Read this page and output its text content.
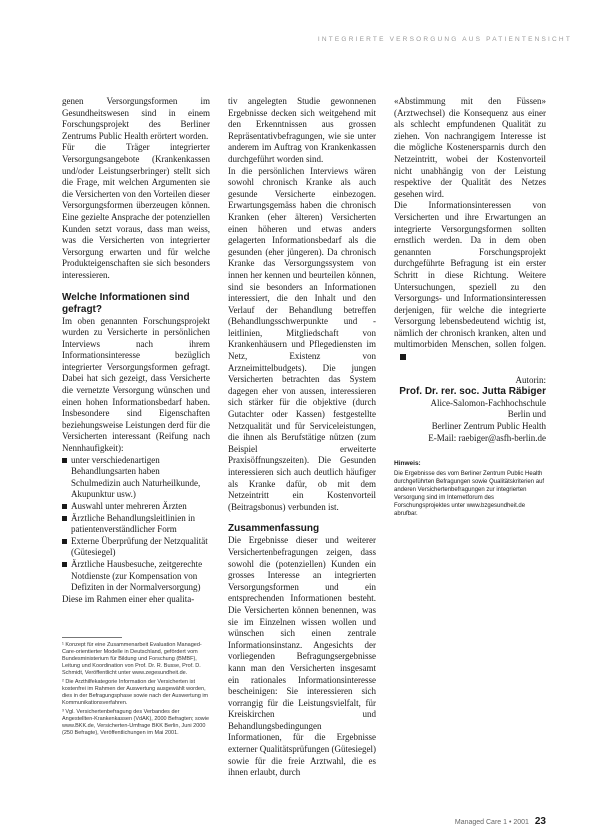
INTEGRIERTE VERSORGUNG AUS PATIENTENSICHT

genen Versorgungsformen im Gesundheitswesen sind in einem Forschungsprojekt des Berliner Zentrums Public Health erörtert worden.

Für die Träger integrierter Versorgungsangebote (Krankenkassen und/oder Leistungserbringer) stellt sich die Frage, mit welchen Argumenten sie die Versicherten von den Vorteilen dieser Versorgungsformen überzeugen können. Eine gezielte Ansprache der potenziellen Kunden setzt voraus, dass man weiss, was die Versicherten von integrierter Versorgung erwarten und für welche Produkteigenschaften sie sich besonders interessieren.

Welche Informationen sind gefragt?

Im oben genannten Forschungsprojekt wurden zu Versicherte in persönlichen Interviews nach ihrem Informationsinteresse bezüglich integrierter Versorgungsformen gefragt. Dabei hat sich gezeigt, dass Versicherte die vernetzte Versorgung wünschen und einen hohen Informationsbedarf haben. Insbesondere sind Eigenschaften beziehungsweise Leistungen derd für die Versicherten interessant (Reifung nach Nennhaufigkeit):

unter verschiedenartigen Behandlungsarten haben Schulmedizin auch Naturheilkunde, Akupunktur usw.)
Auswahl unter mehreren Ärzten
Ärztliche Behandlungsleitlinien in patientenverständlicher Form
Externe Überprüfung der Netzqualität (Gütesiegel)
Ärztliche Hausbesuche, zeitgerechte Notdienste (zur Kompensation von Defiziten in der Normalversorgung)

Diese im Rahmen einer eher qualita-

¹ Konzept für eine Zusammenarbeit Evaluation Managed-Care-orientierter Modelle in Deutschland, gefördert vom Bundesministerium für Bildung und Forschung (BMBF), Leitung und Koordination von Prof. Dr. R. Busse, Prof. D. Schmidt, Veröffentlicht unter www.zegesundheit.de.
² Die Arzthilfekategorie Information der Versicherten ist kostenfrei im Rahmen der Auswertung ausgewählt worden, dies in der Befragungsphase sowie nach der Auswertung im Kommunikationsverfahren.
³ Vgl. Versichertenbefragung des Verbandes der Angestellten-Krankenkassen (VdAK), 2000 Befragten; sowie www.BKK.de, Versicherten-Umfrage BKK Berlin, Juni 2000 (250 Befragte), Veröffentlichungen im Mai 2001.

tiv angelegten Studie gewonnenen Ergebnisse decken sich weitgehend mit den Erkenntnissen aus grossen Repräsentativbefragungen, wie sie unter anderem im Auftrag von Krankenkassen durchgeführt worden sind.

In die persönlichen Interviews wären sowohl chronisch Kranke als auch gesunde Versicherte einbezogen. Erwartungsgemäss haben die chronisch Kranken (eher älteren) Versicherten einen höheren und etwas anders gelagerten Informationsbedarf als die gesunden (eher jüngeren). Da chronisch Kranke das Versorgungssystem von innen her kennen und beurteilen können, sind sie besonders an Informationen interessiert, die den Inhalt und den Verlauf der Behandlung betreffen (Behandlungsschwerpunkte und -leitlinien, Mitgliedschaft von Krankenhäusern und Pflegediensten im Netz, Existenz von Arzneimittelbudgets). Die jungen Versicherten betrachten das System dagegen eher von aussen, interessieren sich stärker für die objektive (durch Gutachter oder Kassen) festgestellte Netzqualität und für Serviceleistungen, die ihnen als Berufstätige nützen (zum Beispiel erweiterte Praxisöffnungszeiten). Die Gesunden interessieren sich auch deutlich häufiger als Kranke dafür, ob mit dem Netzeintritt ein Kostenvorteil (Beitragsbonus) verbunden ist.

Zusammenfassung

Die Ergebnisse dieser und weiterer Versichertenbefragungen zeigen, dass sowohl die (potenziellen) Kunden ein grosses Interesse an integrierten Versorgungsformen und ein entsprechenden Informationen besteht. Die Versicherten können benennen, was sie im Einzelnen wissen wollen und wünschen sich einen zentrale Informationsinstanz. Angesichts der vorliegenden Befragungsergebnisse kann man den Versicherten insgesamt ein rationales Informationsinteresse bescheinigen: Sie interessieren sich vorrangig für die Leistungsvielfalt, für Kreiskirchen und Behandlungsbedingungen Informationen, für die Ergebnisse externer Qualitätsprüfungen (Gütesiegel) sowie für die freie Arztwahl, die es ihnen erlaubt, durch

«Abstimmung mit den Füssen» (Arztwechsel) die Konsequenz aus einer als schlecht empfundenen Qualität zu ziehen. Von nachrangigem Interesse ist die mögliche Kostenersparnis durch den Netzeintritt, wobei der Kostenvorteil nicht unabhängig von der Leistung respektive der Qualität des Netzes gesehen wird.

Die Informationsinteressen von Versicherten und ihre Erwartungen an integrierte Versorgungsformen sollten ernstlich werden. Da in dem oben genannten Forschungsprojekt durchgeführte Befragung ist ein erster Schritt in diese Richtung. Weitere Untersuchungen, speziell zu den Versorgungs- und Informationsinteressen derjenigen, für welche die integrierte Versorgung lebensbedeutend wichtig ist, nämlich der chronisch kranken, alten und multimorbiden Menschen, sollen folgen.

Autorin:
Prof. Dr. rer. soc. Jutta Räbiger
Alice-Salomon-Fachhochschule
Berlin und
Berliner Zentrum Public Health
E-Mail: raebiger@asfh-berlin.de
Hinweis:
Die Ergebnisse des vom Berliner Zentrum Public Health durchgeführten Befragungen sowie Qualitätskriterien auf anderen Versichertenbefragungen zur integrierten Versorgung sind im Internetforum des Forschungsprojektes unter www.bzgesundheit.de abrufbar.
Managed Care 1 • 2001 23
